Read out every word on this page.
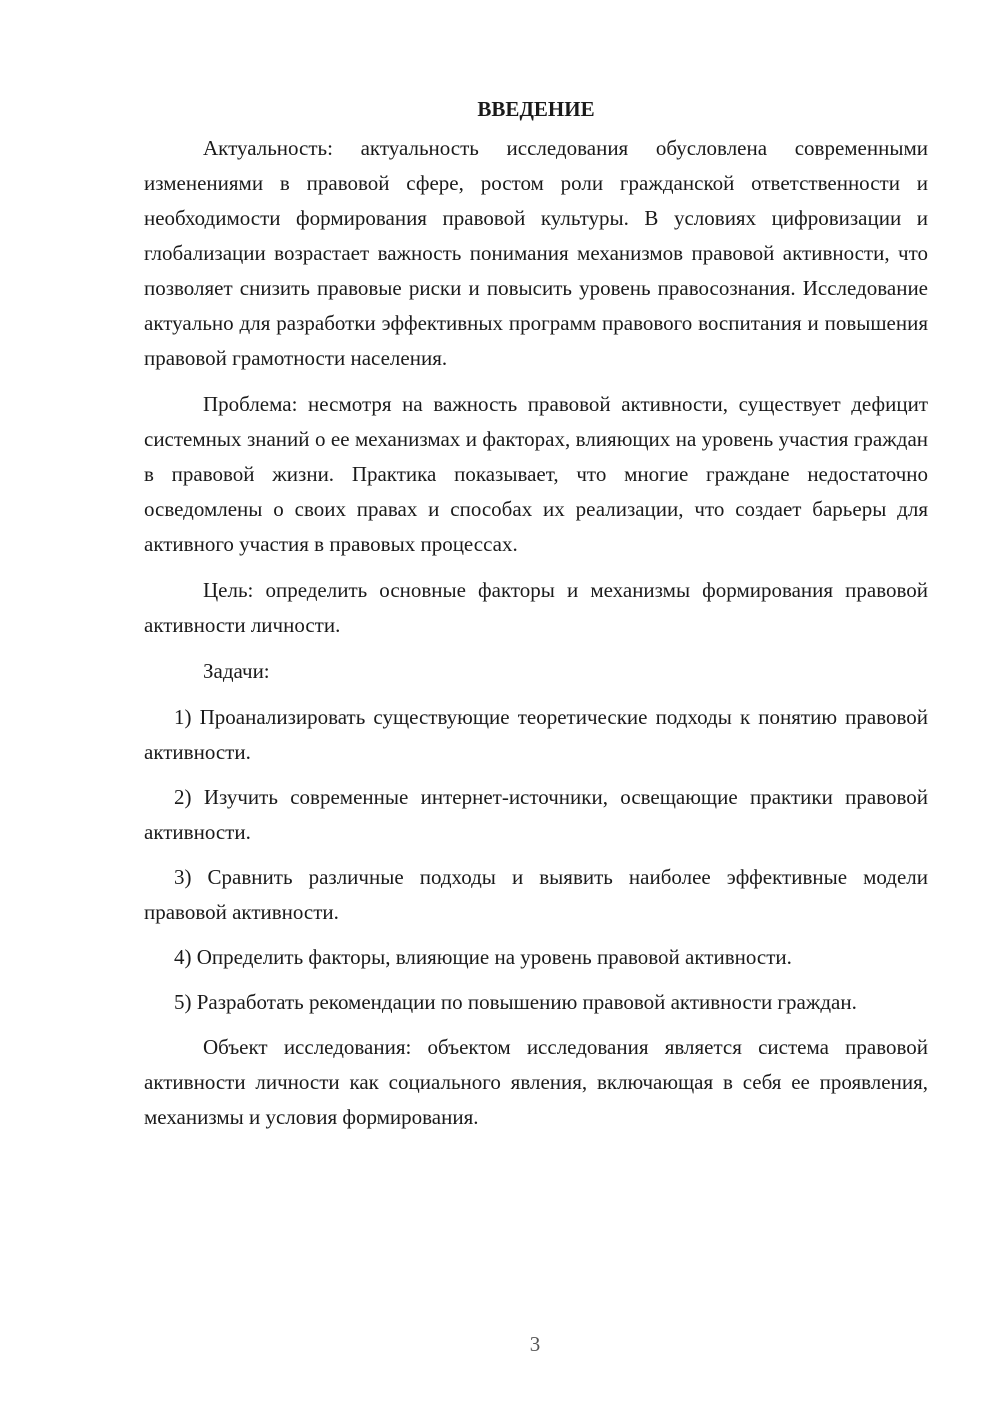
ВВЕДЕНИЕ

Актуальность: актуальность исследования обусловлена современными изменениями в правовой сфере, ростом роли гражданской ответственности и необходимости формирования правовой культуры. В условиях цифровизации и глобализации возрастает важность понимания механизмов правовой активности, что позволяет снизить правовые риски и повысить уровень правосознания. Исследование актуально для разработки эффективных программ правового воспитания и повышения правовой грамотности населения.

Проблема: несмотря на важность правовой активности, существует дефицит системных знаний о ее механизмах и факторах, влияющих на уровень участия граждан в правовой жизни. Практика показывает, что многие граждане недостаточно осведомлены о своих правах и способах их реализации, что создает барьеры для активного участия в правовых процессах.

Цель: определить основные факторы и механизмы формирования правовой активности личности.

Задачи:

1) Проанализировать существующие теоретические подходы к понятию правовой активности.

2) Изучить современные интернет-источники, освещающие практики правовой активности.

3) Сравнить различные подходы и выявить наиболее эффективные модели правовой активности.

4) Определить факторы, влияющие на уровень правовой активности.

5) Разработать рекомендации по повышению правовой активности граждан.

Объект исследования: объектом исследования является система правовой активности личности как социального явления, включающая в себя ее проявления, механизмы и условия формирования.

3
